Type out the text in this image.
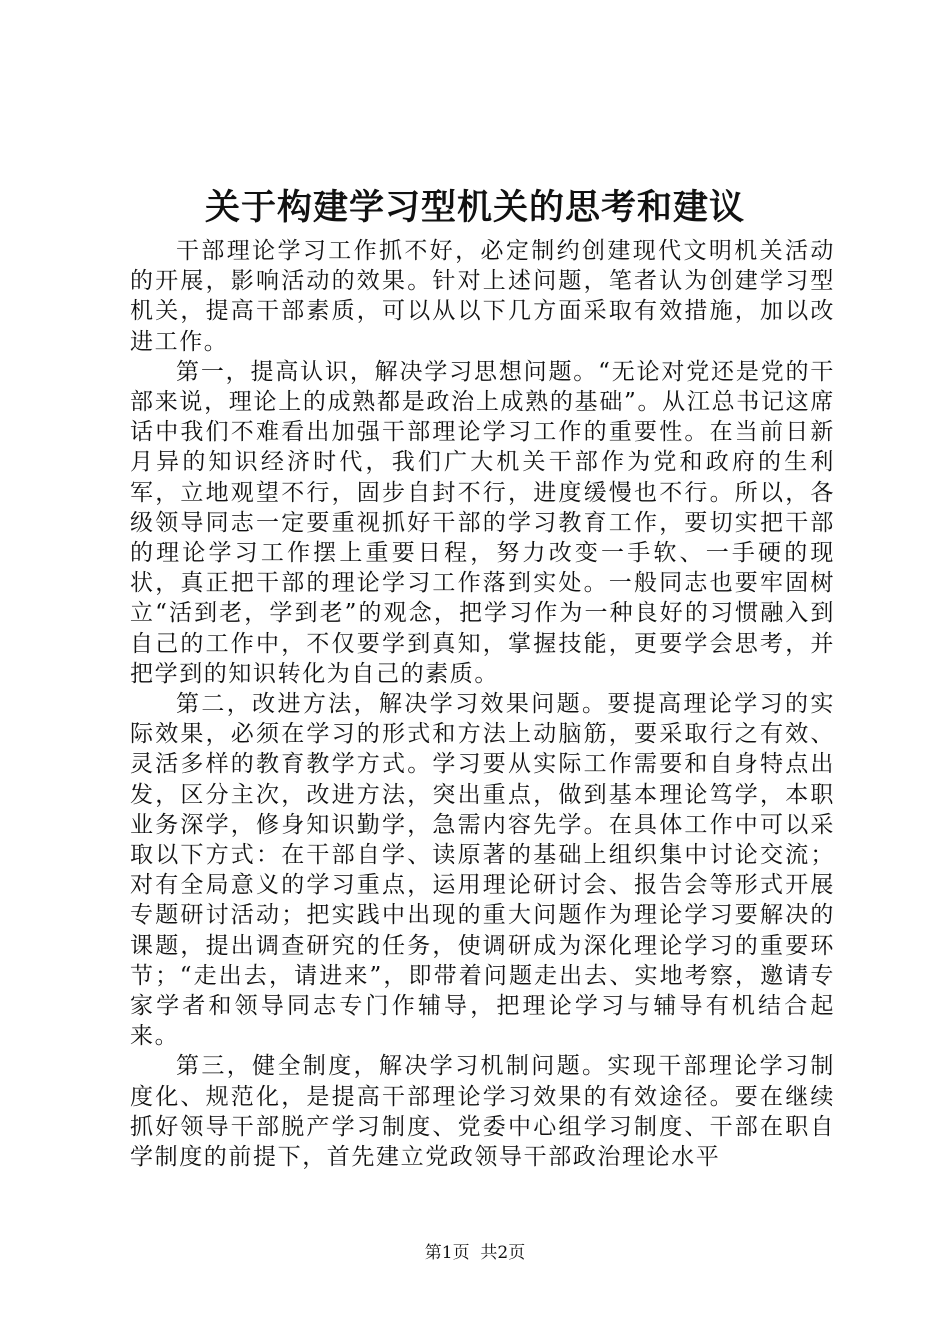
关于构建学习型机关的思考和建议

干部理论学习工作抓不好，必定制约创建现代文明机关活动的开展，影响活动的效果。针对上述问题，笔者认为创建学习型机关，提高干部素质，可以从以下几方面采取有效措施，加以改进工作。

第一，提高认识，解决学习思想问题。“无论对党还是党的干部来说，理论上的成熟都是政治上成熟的基础”。从江总书记这席话中我们不难看出加强干部理论学习工作的重要性。在当前日新月异的知识经济时代，我们广大机关干部作为党和政府的生利军，立地观望不行，固步自封不行，进度缓慢也不行。所以，各级领导同志一定要重视抓好干部的学习教育工作，要切实把干部的理论学习工作摆上重要日程，努力改变一手软、一手硬的现状，真正把干部的理论学习工作落到实处。一般同志也要牢固树立“活到老，学到老”的观念，把学习作为一种良好的习惯融入到自己的工作中，不仅要学到真知，掌握技能，更要学会思考，并把学到的知识转化为自己的素质。

第二，改进方法，解决学习效果问题。要提高理论学习的实际效果，必须在学习的形式和方法上动脑筋，要采取行之有效、灵活多样的教育教学方式。学习要从实际工作需要和自身特点出发，区分主次，改进方法，突出重点，做到基本理论笃学，本职业务深学，修身知识勤学，急需内容先学。在具体工作中可以采取以下方式：在干部自学、读原著的基础上组织集中讨论交流；对有全局意义的学习重点，运用理论研讨会、报告会等形式开展专题研讨活动；把实践中出现的重大问题作为理论学习要解决的课题，提出调查研究的任务，使调研成为深化理论学习的重要环节；“走出去，请进来”，即带着问题走出去、实地考察，邀请专家学者和领导同志专门作辅导，把理论学习与辅导有机结合起来。

第三，健全制度，解决学习机制问题。实现干部理论学习制度化、规范化，是提高干部理论学习效果的有效途径。要在继续抓好领导干部脱产学习制度、党委中心组学习制度、干部在职自学制度的前提下，首先建立党政领导干部政治理论水平

第1页  共2页
